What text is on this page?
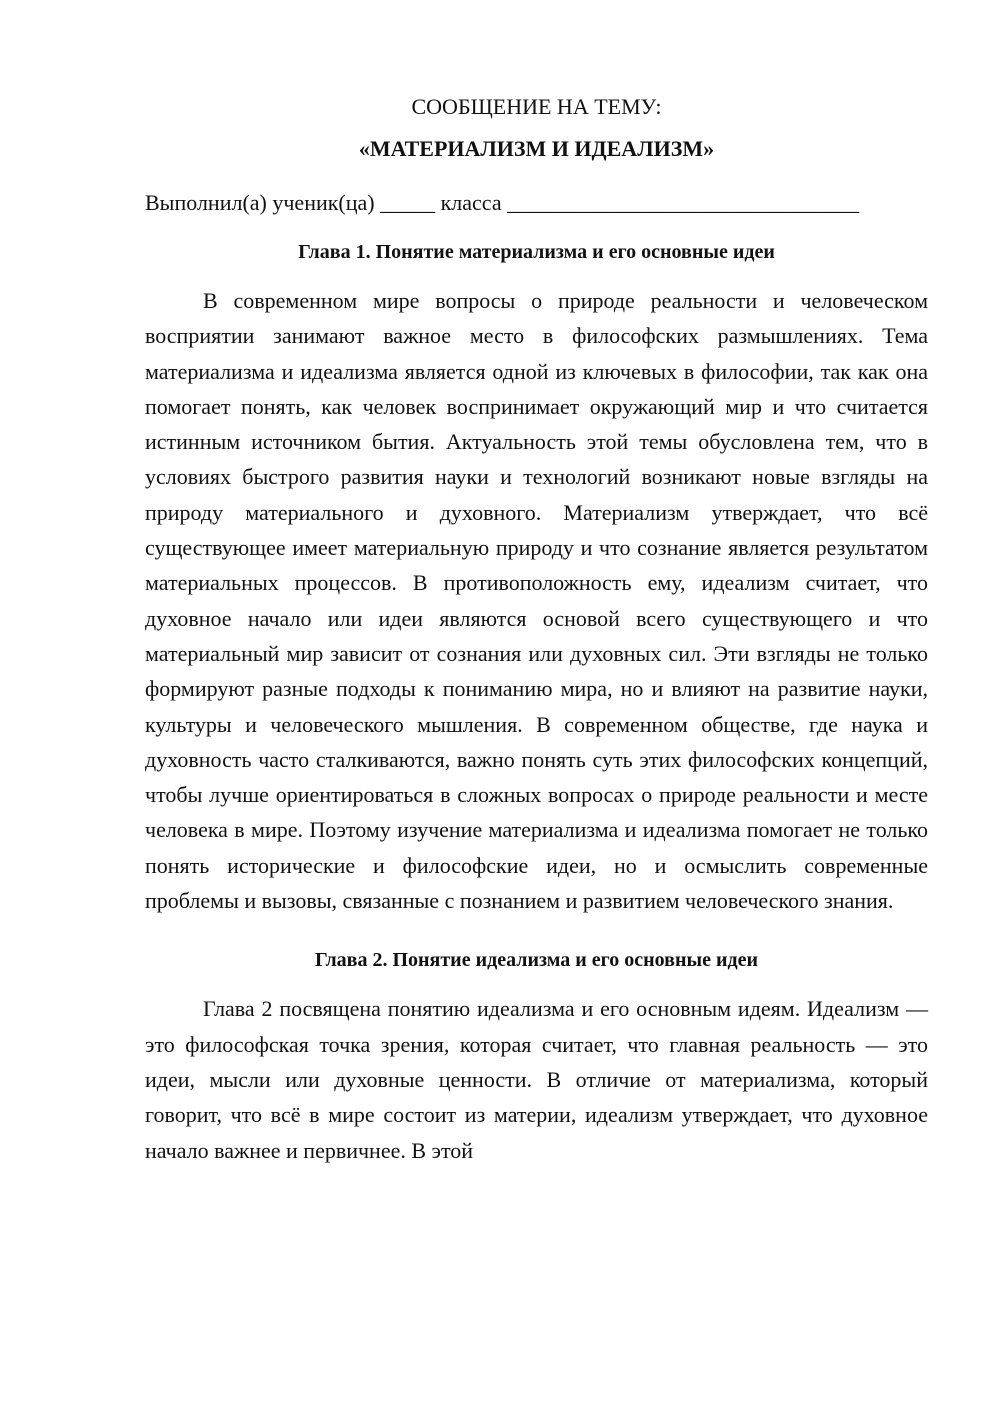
СООБЩЕНИЕ НА ТЕМУ:

«МАТЕРИАЛИЗМ И ИДЕАЛИЗМ»

Выполнил(а) ученик(ца) _____ класса ________________________________

Глава 1. Понятие материализма и его основные идеи

В современном мире вопросы о природе реальности и человеческом восприятии занимают важное место в философских размышлениях. Тема материализма и идеализма является одной из ключевых в философии, так как она помогает понять, как человек воспринимает окружающий мир и что считается истинным источником бытия. Актуальность этой темы обусловлена тем, что в условиях быстрого развития науки и технологий возникают новые взгляды на природу материального и духовного. Материализм утверждает, что всё существующее имеет материальную природу и что сознание является результатом материальных процессов. В противоположность ему, идеализм считает, что духовное начало или идеи являются основой всего существующего и что материальный мир зависит от сознания или духовных сил. Эти взгляды не только формируют разные подходы к пониманию мира, но и влияют на развитие науки, культуры и человеческого мышления. В современном обществе, где наука и духовность часто сталкиваются, важно понять суть этих философских концепций, чтобы лучше ориентироваться в сложных вопросах о природе реальности и месте человека в мире. Поэтому изучение материализма и идеализма помогает не только понять исторические и философские идеи, но и осмыслить современные проблемы и вызовы, связанные с познанием и развитием человеческого знания.

Глава 2. Понятие идеализма и его основные идеи

Глава 2 посвящена понятию идеализма и его основным идеям. Идеализм — это философская точка зрения, которая считает, что главная реальность — это идеи, мысли или духовные ценности. В отличие от материализма, который говорит, что всё в мире состоит из материи, идеализм утверждает, что духовное начало важнее и первичнее. В этой
